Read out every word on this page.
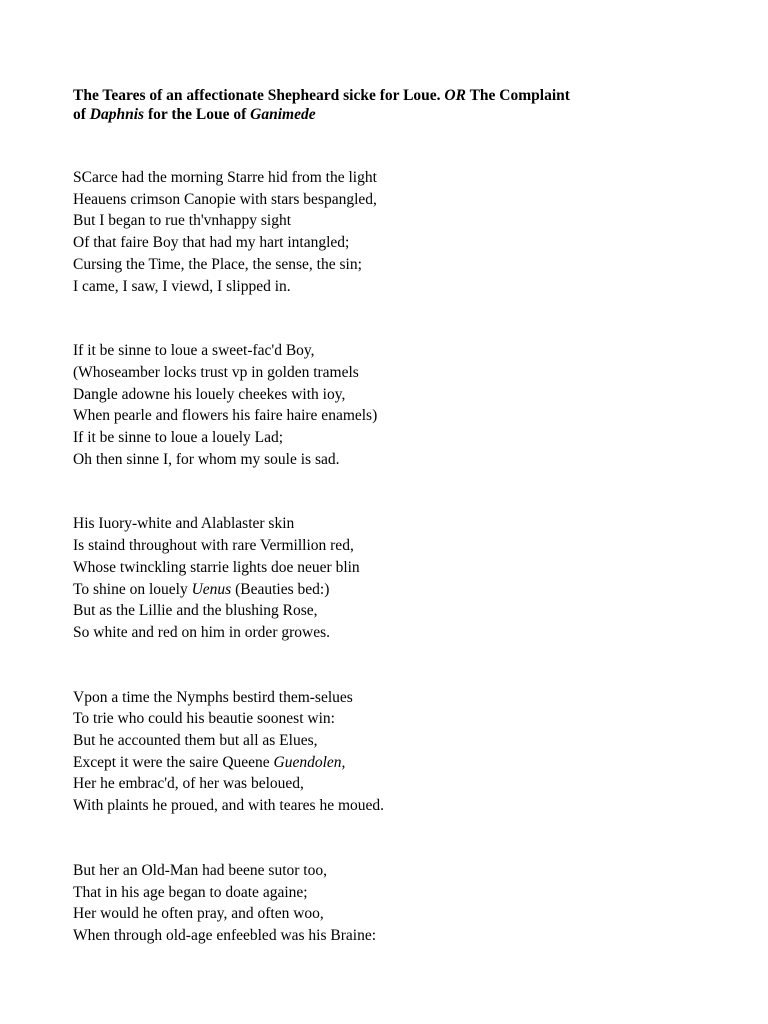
The Teares of an affectionate Shepheard sicke for Loue. OR The Complaint
of Daphnis for the Loue of Ganimede
SCarce had the morning Starre hid from the light
Heauens crimson Canopie with stars bespangled,
But I began to rue th'vnhappy sight
Of that faire Boy that had my hart intangled;
Cursing the Time, the Place, the sense, the sin;
I came, I saw, I viewd, I slipped in.
If it be sinne to loue a sweet-fac'd Boy,
(Whoseamber locks trust vp in golden tramels
Dangle adowne his louely cheekes with ioy,
When pearle and flowers his faire haire enamels)
If it be sinne to loue a louely Lad;
Oh then sinne I, for whom my soule is sad.
His Iuory-white and Alablaster skin
Is staind throughout with rare Vermillion red,
Whose twinckling starrie lights doe neuer blin
To shine on louely Uenus (Beauties bed:)
But as the Lillie and the blushing Rose,
So white and red on him in order growes.
Vpon a time the Nymphs bestird them-selues
To trie who could his beautie soonest win:
But he accounted them but all as Elues,
Except it were the saire Queene Guendolen,
Her he embrac'd, of her was beloued,
With plaints he proued, and with teares he moued.
But her an Old-Man had beene sutor too,
That in his age began to doate againe;
Her would he often pray, and often woo,
When through old-age enfeebled was his Braine:
